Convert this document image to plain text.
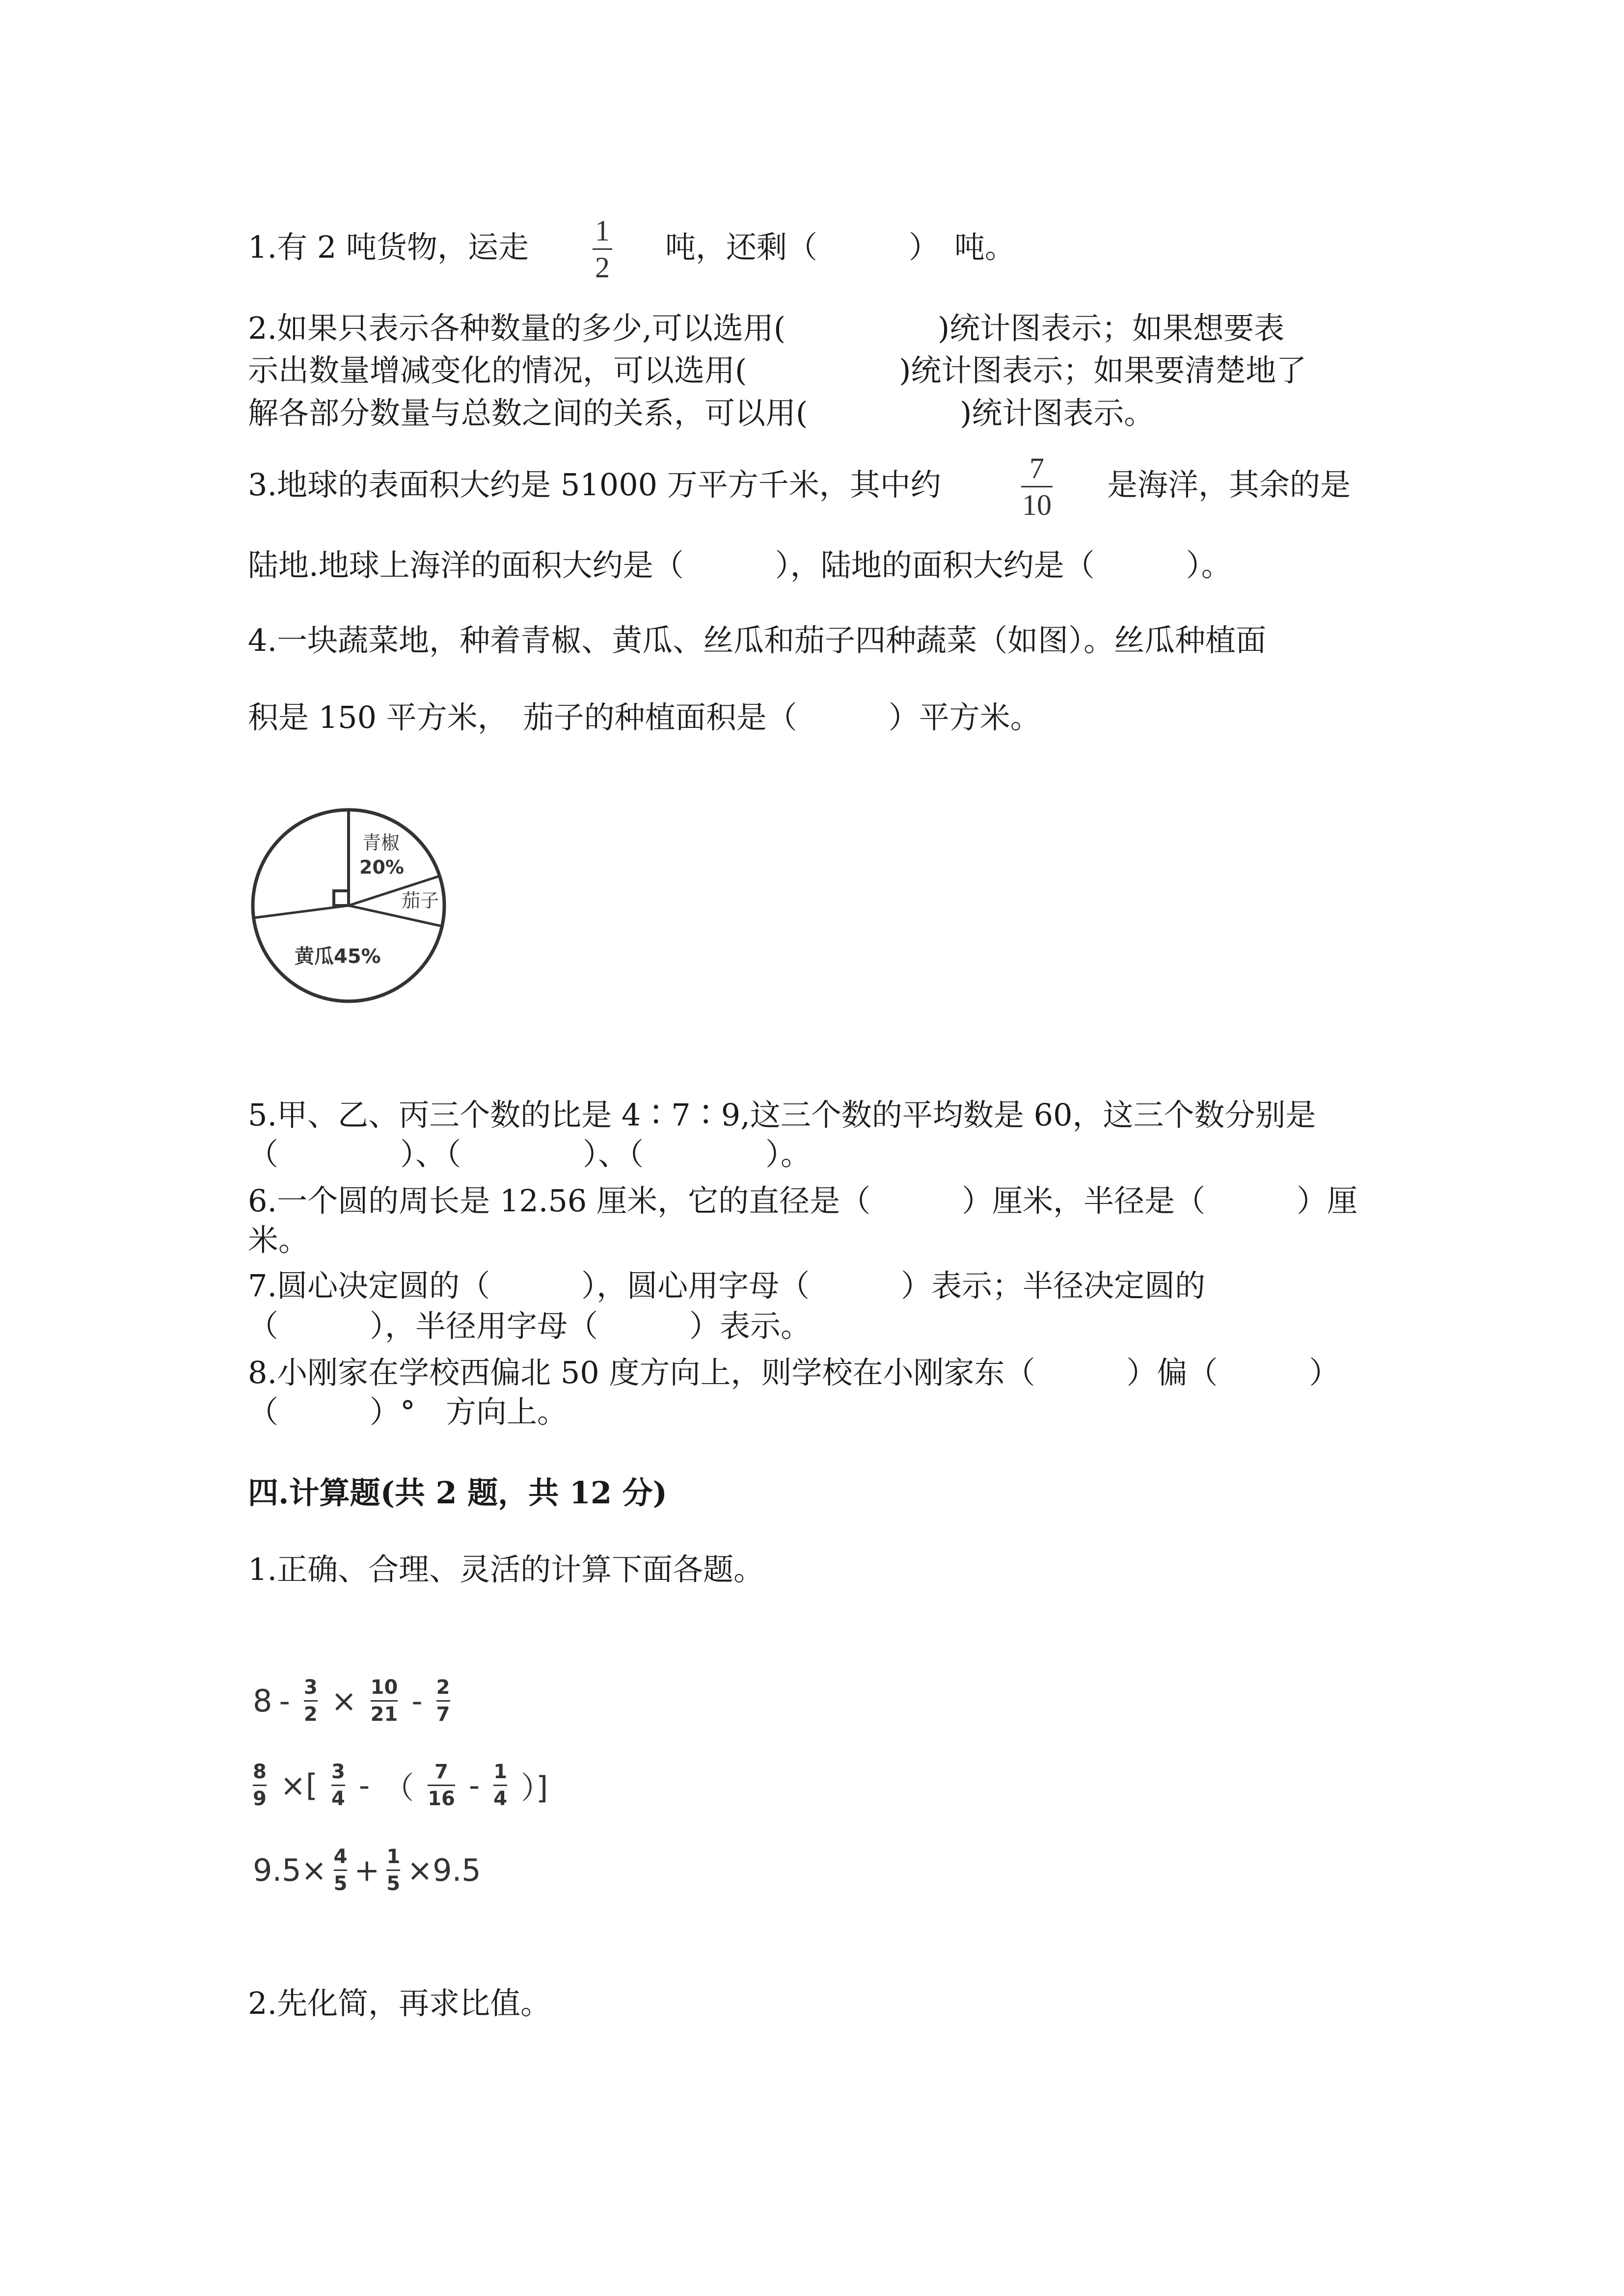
1.有 2 吨货物，运走 1
2
吨，还剩（　　　）　吨。
2.如果只表示各种数量的多少,可以选用(　　　　　)统计图表示；如果想要表
示出数量增减变化的情况，可以选用(　　　　　)统计图表示；如果要清楚地了
解各部分数量与总数之间的关系，可以用(　　　　　)统计图表示。
3.地球的表面积大约是 51000 万平方千米，其中约	7
10
是海洋，其余的是
陆地.地球上海洋的面积大约是（　　　），陆地的面积大约是（　　　）。
4.一块蔬菜地，种着青椒、黄瓜、丝瓜和茄子四种蔬菜（如图）。丝瓜种植面
积是 150 平方米，　茄子的种植面积是（　　　）平方米。
青椒
20%
茄子
黄瓜45%
5.甲、乙、丙三个数的比是 4∶7∶9,这三个数的平均数是 60，这三个数分别是
（　　　　）、（　　　　）、（　　　　）。
6.一个圆的周长是 12.56 厘米，它的直径是（　　　）厘米，半径是（　　　）厘
米。
7.圆心决定圆的（　　　），圆心用字母（　　　）表示；半径决定圆的
（　　　），半径用字母（　　　）表示。
8.小刚家在学校西偏北 50 度方向上，则学校在小刚家东（　　　）偏（　　　）
（　　　）°　方向上。
四.计算题(共 2 题，共 12 分)
1.正确、合理、灵活的计算下面各题。
8 - 3
2 × 10
21 - 2
7
8
9 ×[ 3
4 - （ 7
16 - 1
4 ）]
9.5× 4
5 + 1
5 ×9.5
2.先化简，再求比值。
